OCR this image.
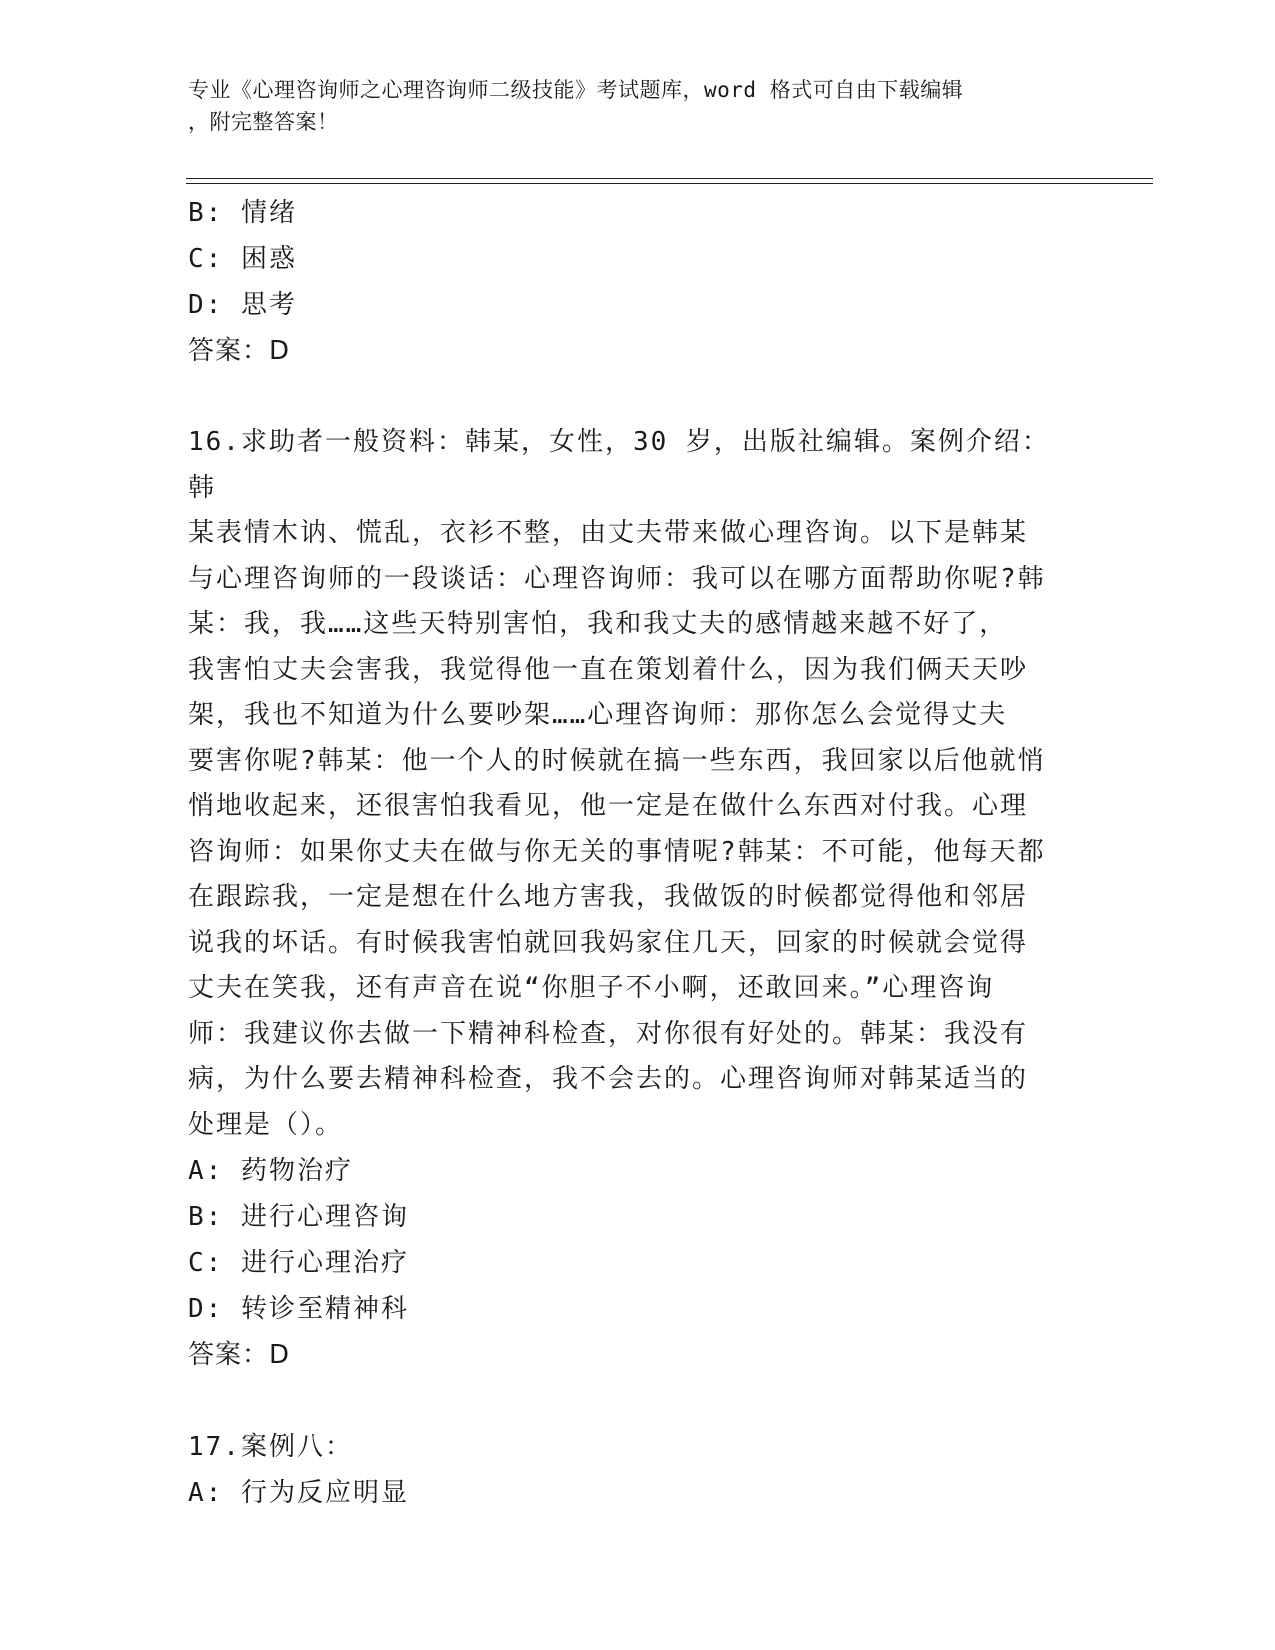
专业《心理咨询师之心理咨询师二级技能》考试题库，word 格式可自由下载编辑
，附完整答案！
B: 情绪
C: 困惑
D: 思考
答案：D
16.求助者一般资料：韩某，女性，30 岁，出版社编辑。案例介绍：韩
某表情木讷、慌乱，衣衫不整，由丈夫带来做心理咨询。以下是韩某
与心理咨询师的一段谈话：心理咨询师：我可以在哪方面帮助你呢?韩
某：我，我……这些天特别害怕，我和我丈夫的感情越来越不好了，
我害怕丈夫会害我，我觉得他一直在策划着什么，因为我们俩天天吵
架，我也不知道为什么要吵架……心理咨询师：那你怎么会觉得丈夫
要害你呢?韩某：他一个人的时候就在搞一些东西，我回家以后他就悄
悄地收起来，还很害怕我看见，他一定是在做什么东西对付我。心理
咨询师：如果你丈夫在做与你无关的事情呢?韩某：不可能，他每天都
在跟踪我，一定是想在什么地方害我，我做饭的时候都觉得他和邻居
说我的坏话。有时候我害怕就回我妈家住几天，回家的时候就会觉得
丈夫在笑我，还有声音在说“你胆子不小啊，还敢回来。”心理咨询
师：我建议你去做一下精神科检查，对你很有好处的。韩某：我没有
病，为什么要去精神科检查，我不会去的。心理咨询师对韩某适当的
处理是（）。
A: 药物治疗
B: 进行心理咨询
C: 进行心理治疗
D: 转诊至精神科
答案：D
17.案例八：
A: 行为反应明显
